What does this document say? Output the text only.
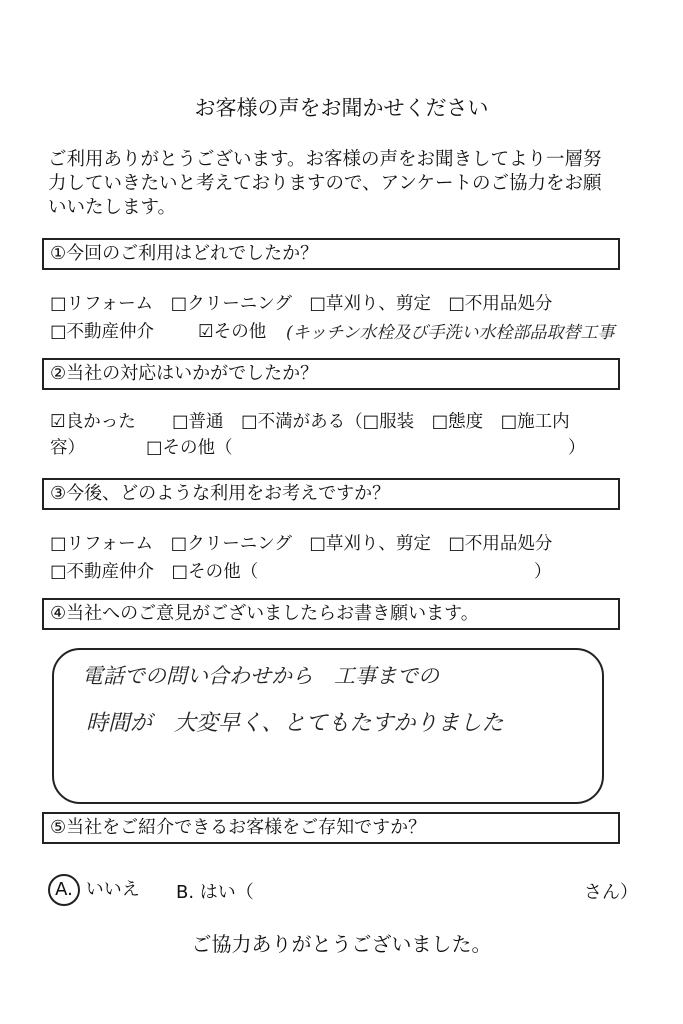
お客様の声をお聞かせください
ご利用ありがとうございます。お客様の声をお聞きしてより一層努
力していきたいと考えておりますので、アンケートのご協力をお願
いいたします。
①今回のご利用はどれでしたか？
□リフォーム　□クリーニング　□草刈り、剪定　□不用品処分
□不動産仲介	☑その他 (キッチン水栓及び手洗い水栓部品取替工事
②当社の対応はいかがでしたか？
☑良かった □普通　□不満がある（□服装　□態度　□施工内
容）	□その他（	）
③今後、どのような利用をお考えですか？
□リフォーム　□クリーニング　□草刈り、剪定　□不用品処分
□不動産仲介　□その他（	）
④当社へのご意見がございましたらお書き願います。
電話での問い合わせから　工事までの
時間が　大変早く、とてもたすかりました
⑤当社をご紹介できるお客様をご存知ですか？
A. いいえ B. はい（	さん）
ご協力ありがとうございました。
